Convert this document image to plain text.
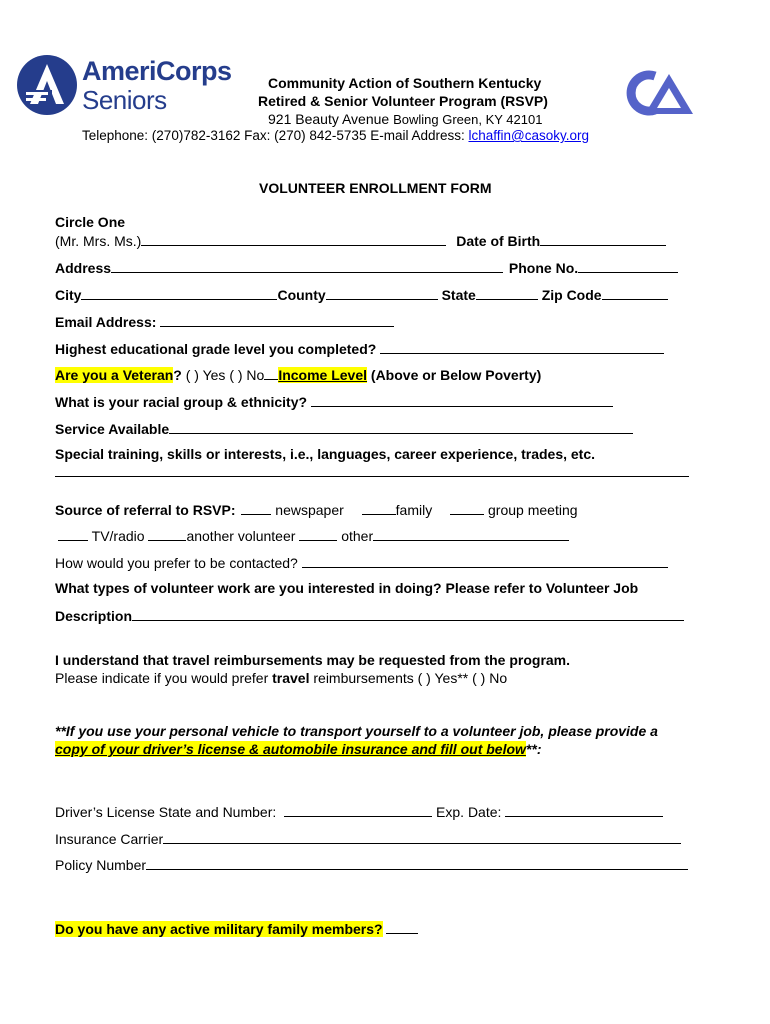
AmeriCorps
Seniors
Community Action of Southern Kentucky
Retired & Senior Volunteer Program (RSVP)
921 Beauty Avenue Bowling Green, KY 42101
Telephone: (270)782-3162 Fax: (270) 842-5735 E-mail Address: lchaffin@casoky.org
VOLUNTEER ENROLLMENT FORM
Circle One
(Mr. Mrs. Ms.)	Date of Birth
Address	Phone No.
City	County	State	Zip Code
Email Address:
Highest educational grade level you completed?
Are you a Veteran? ( ) Yes ( ) No Income Level (Above or Below Poverty)
What is your racial group & ethnicity?
Service Available
Special training, skills or interests, i.e., languages, career experience, trades, etc.
Source of referral to RSVP:	newspaper	family	group meeting
TV/radio	another volunteer	other
How would you prefer to be contacted?
What types of volunteer work are you interested in doing? Please refer to Volunteer Job
Description
I understand that travel reimbursements may be requested from the program.
Please indicate if you would prefer travel reimbursements ( ) Yes** ( ) No
**If you use your personal vehicle to transport yourself to a volunteer job, please provide a
copy of your driver’s license & automobile insurance and fill out below**:
Driver’s License State and Number:	Exp. Date:
Insurance Carrier
Policy Number
Do you have any active military family members?
